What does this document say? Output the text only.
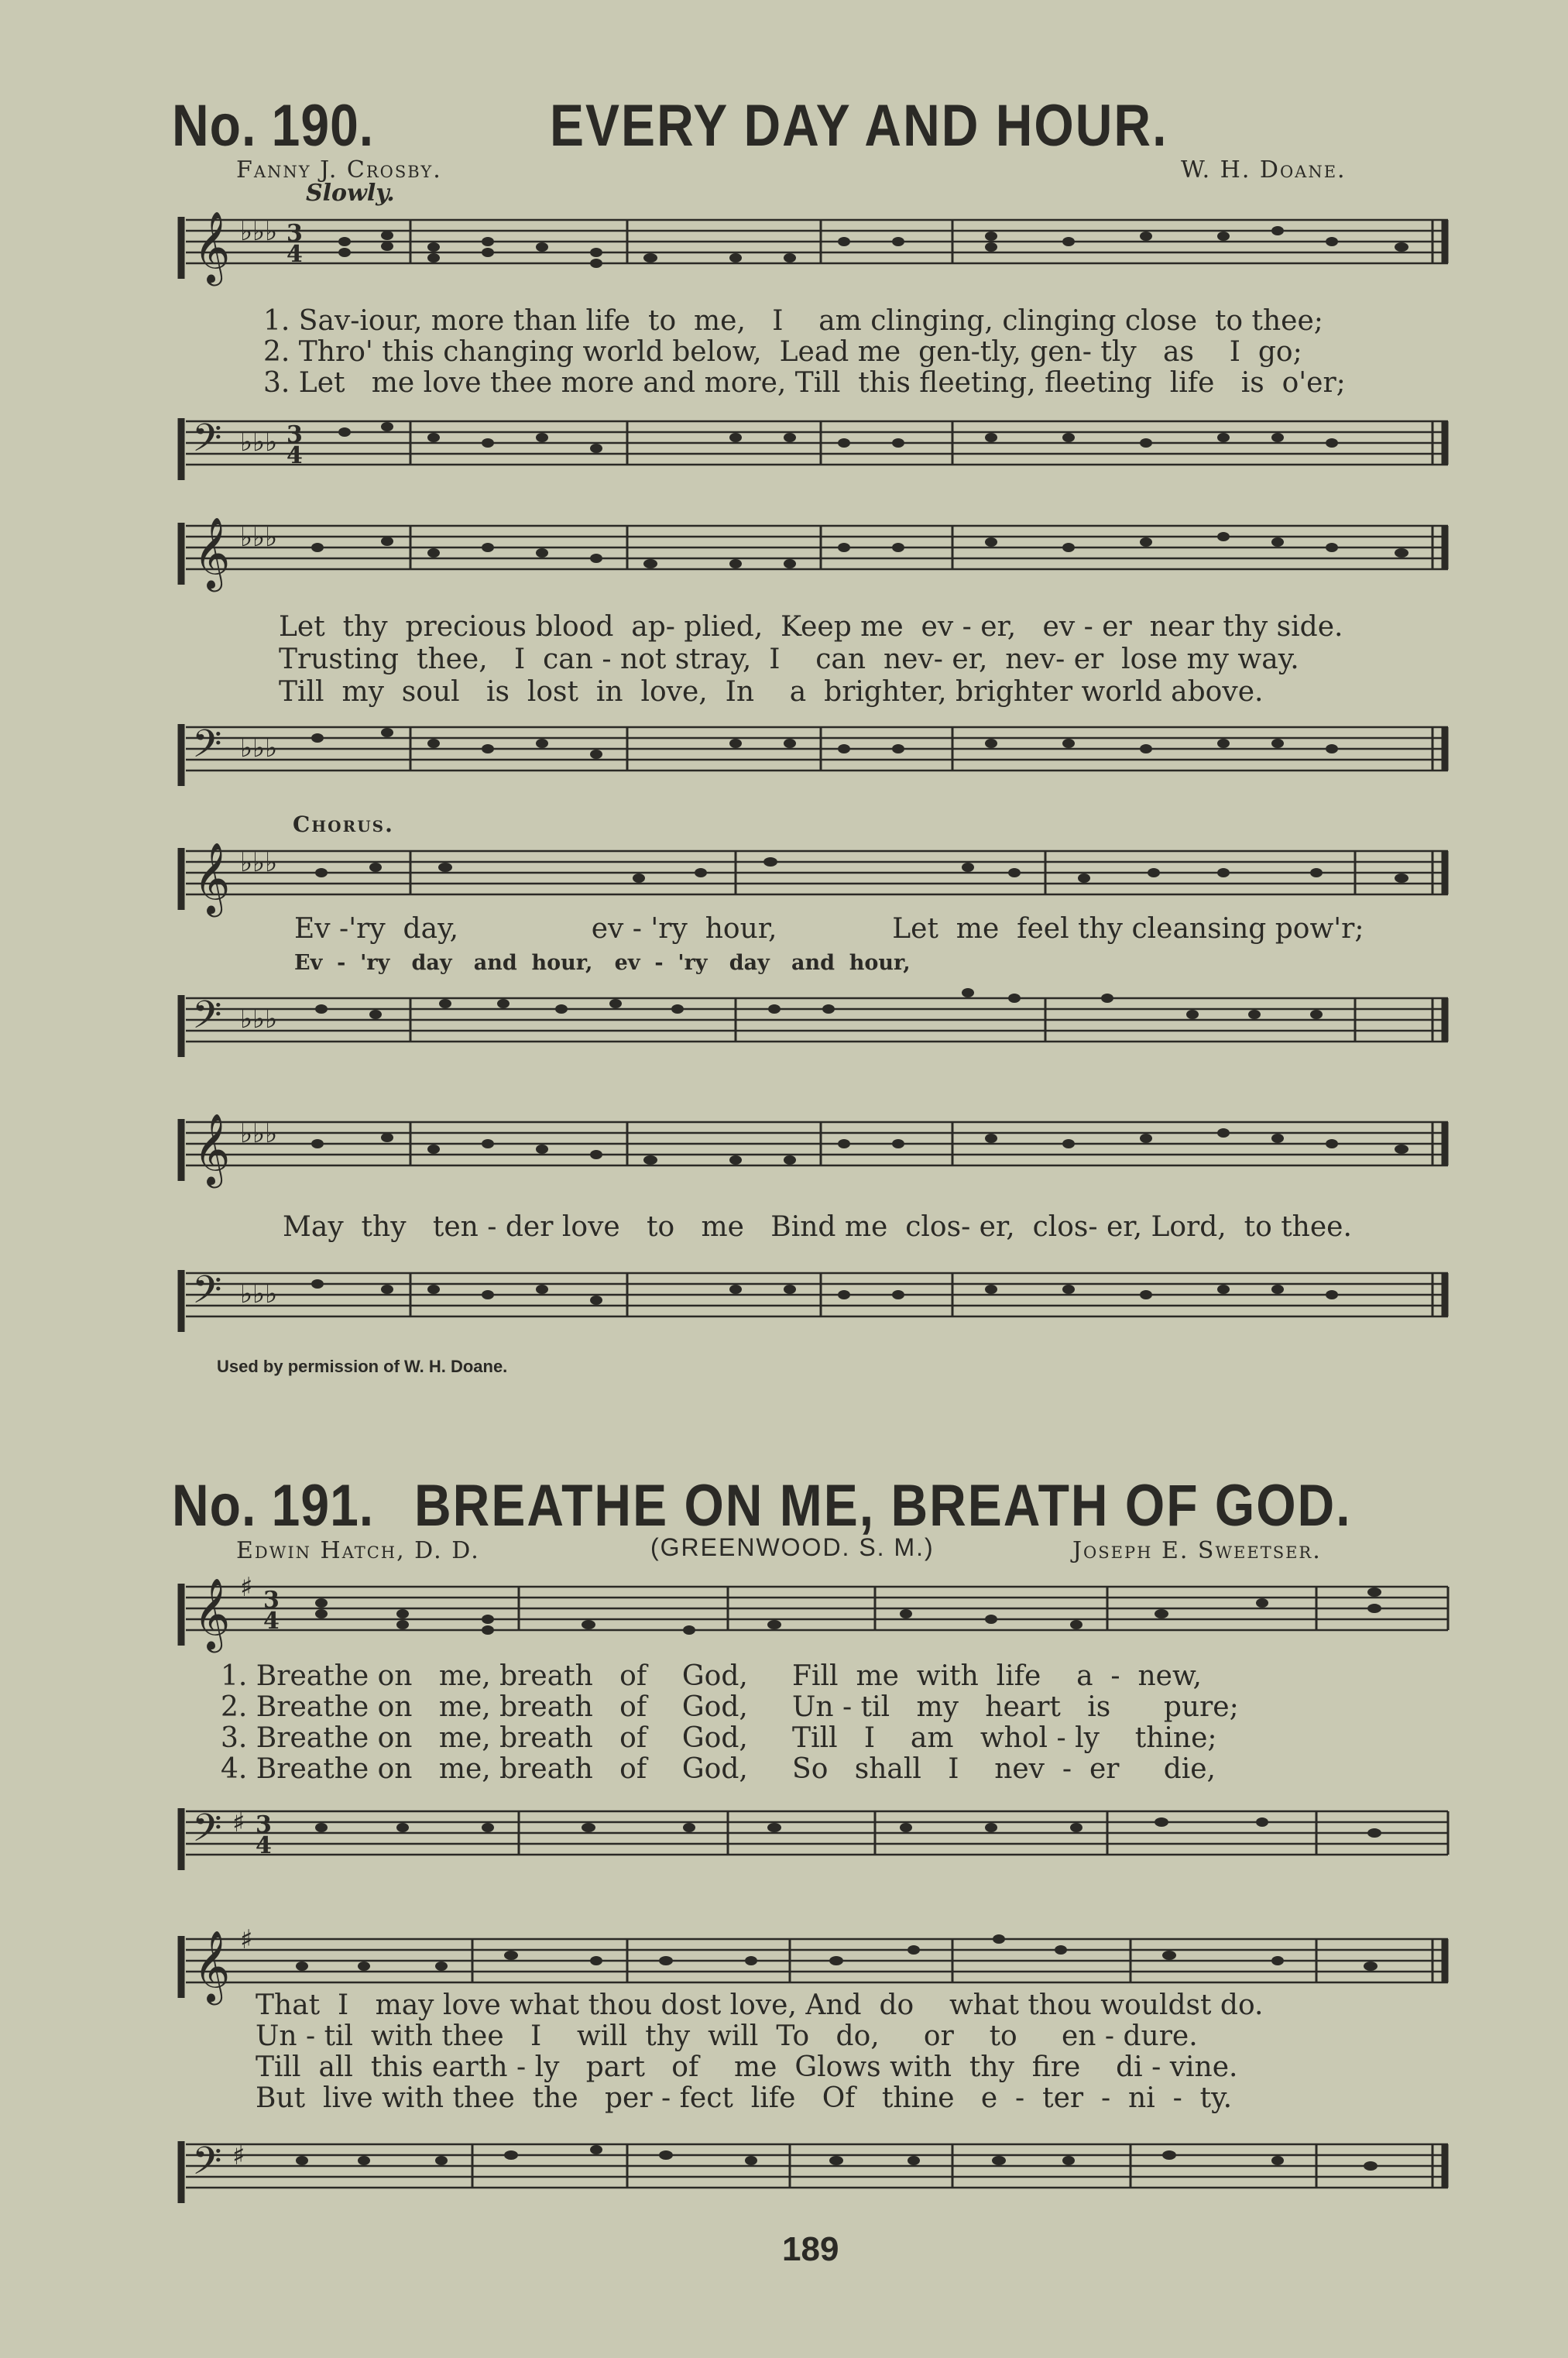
No. 190.	EVERY DAY AND HOUR.
Fanny J. Crosby.	W. H. Doane.
Slowly.
𝄞 ♭♭♭ 3
4
1. Sav-iour, more than life  to  me,   I    am clinging, clinging close  to thee;
2. Thro' this changing world below,  Lead me  gen-tly, gen- tly   as    I  go;
3. Let   me love thee more and more, Till  this fleeting, fleeting  life   is  o'er;
𝄢 ♭♭♭ 3
4
𝄞 ♭♭♭
Let  thy  precious blood  ap- plied,  Keep me  ev - er,   ev - er  near thy side.
Trusting  thee,   I  can - not stray,  I    can  nev- er,  nev- er  lose my way.
Till  my  soul   is  lost  in  love,  In    a  brighter, brighter world above.
𝄢 ♭♭♭
Chorus.
𝄞 ♭♭♭
Ev -'ry  day,               ev - 'ry  hour,             Let  me  feel thy cleansing pow'r;
Ev  -  'ry   day   and  hour,   ev  -  'ry   day   and  hour,
𝄢 ♭♭♭
𝄞 ♭♭♭
May  thy   ten - der love   to   me   Bind me  clos- er,  clos- er, Lord,  to thee.
𝄢 ♭♭♭
Used by permission of W. H. Doane.
No. 191. BREATHE ON ME, BREATH OF GOD.
Edwin Hatch, D. D.	(GREENWOOD. S. M.)	Joseph E. Sweetser.
𝄞 ♯ 3
4
1. Breathe on   me, breath   of    God,     Fill  me  with  life    a  -  new,
2. Breathe on   me, breath   of    God,     Un - til   my   heart   is      pure;
3. Breathe on   me, breath   of    God,     Till   I    am   whol - ly    thine;
4. Breathe on   me, breath   of    God,     So   shall   I    nev  -  er     die,
𝄢 ♯ 3
4
𝄞 ♯
That  I   may love what thou dost love, And  do    what thou wouldst do.
Un - til  with thee   I    will  thy  will  To   do,     or    to     en - dure.
Till  all  this earth - ly   part   of    me  Glows with  thy  fire    di - vine.
But  live with thee  the   per - fect  life   Of   thine   e  -  ter  -  ni  -  ty.
𝄢 ♯
189
